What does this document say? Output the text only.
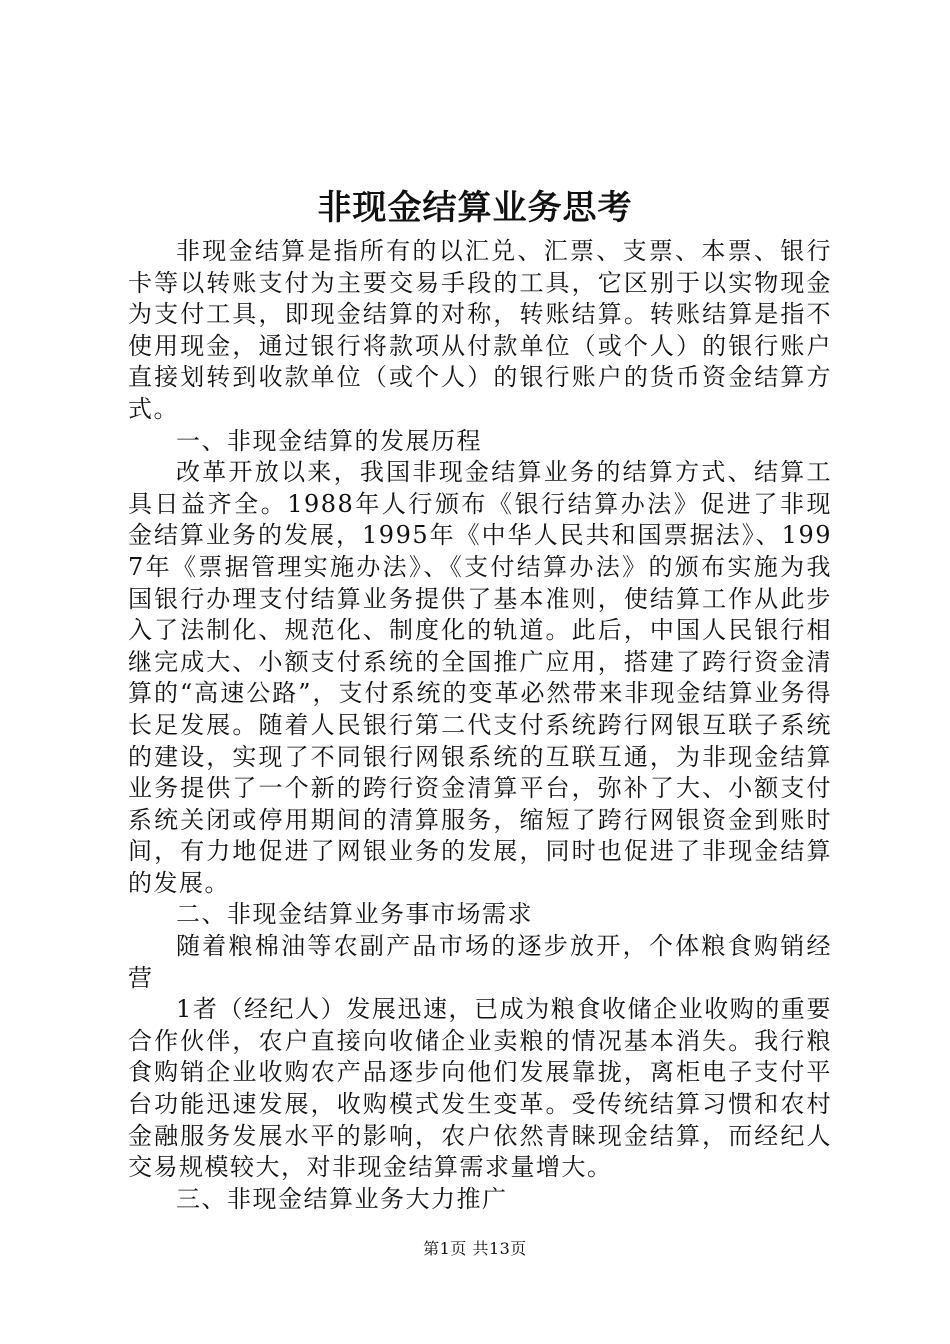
非现金结算业务思考

非现金结算是指所有的以汇兑、汇票、支票、本票、银行卡等以转账支付为主要交易手段的工具，它区别于以实物现金为支付工具，即现金结算的对称，转账结算。转账结算是指不使用现金，通过银行将款项从付款单位（或个人）的银行账户直接划转到收款单位（或个人）的银行账户的货币资金结算方式。

一、非现金结算的发展历程

改革开放以来，我国非现金结算业务的结算方式、结算工具日益齐全。1988年人行颁布《银行结算办法》促进了非现金结算业务的发展，1995年《中华人民共和国票据法》、1997年《票据管理实施办法》、《支付结算办法》的颁布实施为我国银行办理支付结算业务提供了基本准则，使结算工作从此步入了法制化、规范化、制度化的轨道。此后，中国人民银行相继完成大、小额支付系统的全国推广应用，搭建了跨行资金清算的“高速公路”，支付系统的变革必然带来非现金结算业务得长足发展。随着人民银行第二代支付系统跨行网银互联子系统的建设，实现了不同银行网银系统的互联互通，为非现金结算业务提供了一个新的跨行资金清算平台，弥补了大、小额支付系统关闭或停用期间的清算服务，缩短了跨行网银资金到账时间，有力地促进了网银业务的发展，同时也促进了非现金结算的发展。

二、非现金结算业务事市场需求

随着粮棉油等农副产品市场的逐步放开，个体粮食购销经营

1者（经纪人）发展迅速，已成为粮食收储企业收购的重要合作伙伴，农户直接向收储企业卖粮的情况基本消失。我行粮食购销企业收购农产品逐步向他们发展靠拢，离柜电子支付平台功能迅速发展，收购模式发生变革。受传统结算习惯和农村金融服务发展水平的影响，农户依然青睐现金结算，而经纪人交易规模较大，对非现金结算需求量增大。

三、非现金结算业务大力推广

第1页 共13页
